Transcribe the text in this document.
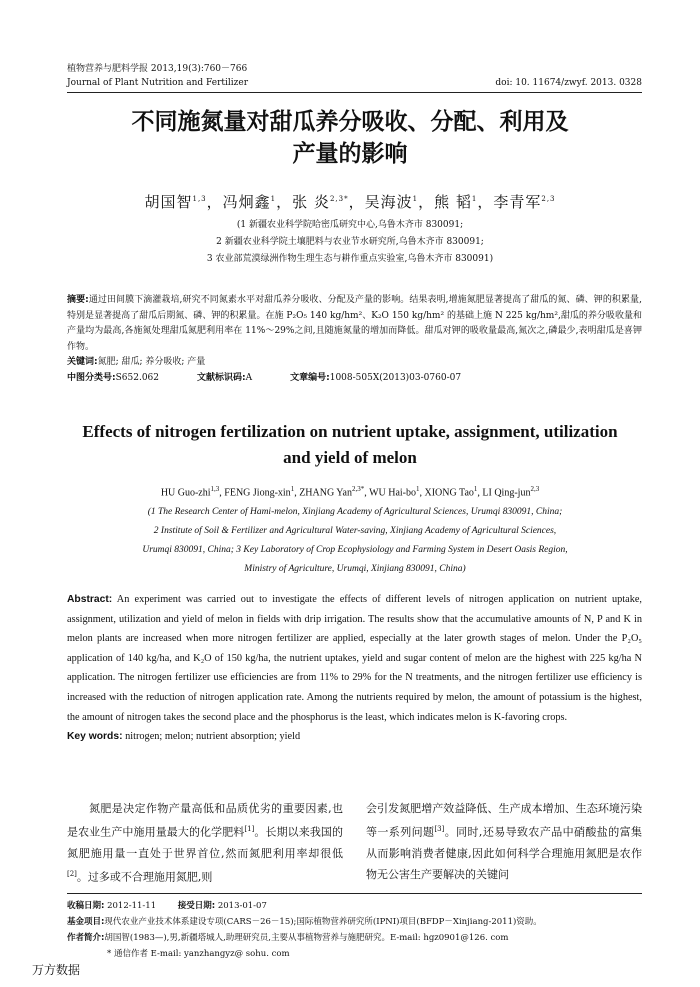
植物营养与肥料学报 2013,19(3):760－766
Journal of Plant Nutrition and Fertilizer	doi: 10. 11674/zwyf. 2013. 0328
不同施氮量对甜瓜养分吸收、分配、利用及
产量的影响
胡国智$^{1,3}$，冯炯鑫$^1$，张 炎$^{2,3*}$，吴海波$^1$，熊 韬$^1$，李青军$^{2,3}$
(1 新疆农业科学院哈密瓜研究中心,乌鲁木齐市 830091;
2 新疆农业科学院土壤肥料与农业节水研究所,乌鲁木齐市 830091;
3 农业部荒漠绿洲作物生理生态与耕作重点实验室,乌鲁木齐市 830091)
摘要:通过田间膜下滴灌栽培,研究不同氮素水平对甜瓜养分吸收、分配及产量的影响。结果表明,增施氮肥显著提高了甜瓜的氮、磷、钾的积累量,特别是显著提高了甜瓜后期氮、磷、钾的积累量。在施 P₂O₅ 140 kg/hm²、K₂O 150 kg/hm² 的基础上施 N 225 kg/hm²,甜瓜的养分吸收量和产量均为最高,各施氮处理甜瓜氮肥利用率在 11%～29%之间,且随施氮量的增加而降低。甜瓜对钾的吸收量最高,氮次之,磷最少,表明甜瓜是喜钾作物。
关键词:氮肥; 甜瓜; 养分吸收; 产量
中图分类号:S652.062	文献标识码:A	文章编号:1008-505X(2013)03-0760-07
Effects of nitrogen fertilization on nutrient uptake, assignment, utilization
and yield of melon
HU Guo-zhi$^{1,3}$, FENG Jiong-xin$^1$, ZHANG Yan$^{2,3*}$, WU Hai-$bo^1$, XIONG Tao$^1$, LI Qing-jun$^{2,3}$
(1 The Research Center of Hami-melon, Xinjiang Academy of Agricultural Sciences, Urumqi 830091, China;
2 Institute of Soil & Fertilizer and Agricultural Water-saving, Xinjiang Academy of Agricultural Sciences,
Urumqi 830091, China; 3 Key Laboratory of Crop Ecophysiology and Farming System in Desert Oasis Region,
Ministry of Agriculture, Urumqi, Xinjiang 830091, China)
Abstract: An experiment was carried out to investigate the effects of different levels of nitrogen application on nutrient uptake, assignment, utilization and yield of melon in fields with drip irrigation. The results show that the accumulative amounts of N, P and K in melon plants are increased when more nitrogen fertilizer are applied, especially at the later growth stages of melon. Under the P₂O₅ application of 140 kg/ha, and K₂O of 150 kg/ha, the nutrient uptakes, yield and sugar content of melon are the highest with 225 kg/ha N application. The nitrogen fertilizer use efficiencies are from 11% to 29% for the N treatments, and the nitrogen fertilizer use efficiency is increased with the reduction of nitrogen application rate. Among the nutrients required by melon, the amount of potassium is the highest, the amount of nitrogen takes the second place and the phosphorus is the least, which indicates melon is K-favoring crops.
Key words: nitrogen; melon; nutrient absorption; yield

氮肥是决定作物产量高低和品质优劣的重要因素,也是农业生产中施用量最大的化学肥料[1]。长期以来我国的氮肥施用量一直处于世界首位,然而氮肥利用率却很低[2]。过多或不合理施用氮肥,则

会引发氮肥增产效益降低、生产成本增加、生态环境污染等一系列问题[3]。同时,还易导致农产品中硝酸盐的富集从而影响消费者健康,因此如何科学合理施用氮肥是农作物无公害生产要解决的关键问

收稿日期: 2012-11-11	接受日期: 2013-01-07
基金项目:现代农业产业技术体系建设专项(CARS－26－15);国际植物营养研究所(IPNI)项目(BFDP－Xinjiang-2011)资助。
作者简介:胡国智(1983—),男,新疆塔城人,助理研究员,主要从事植物营养与施肥研究。E-mail: hgz0901@126. com
* 通信作者 E-mail: yanzhangyz@ sohu. com
万方数据
